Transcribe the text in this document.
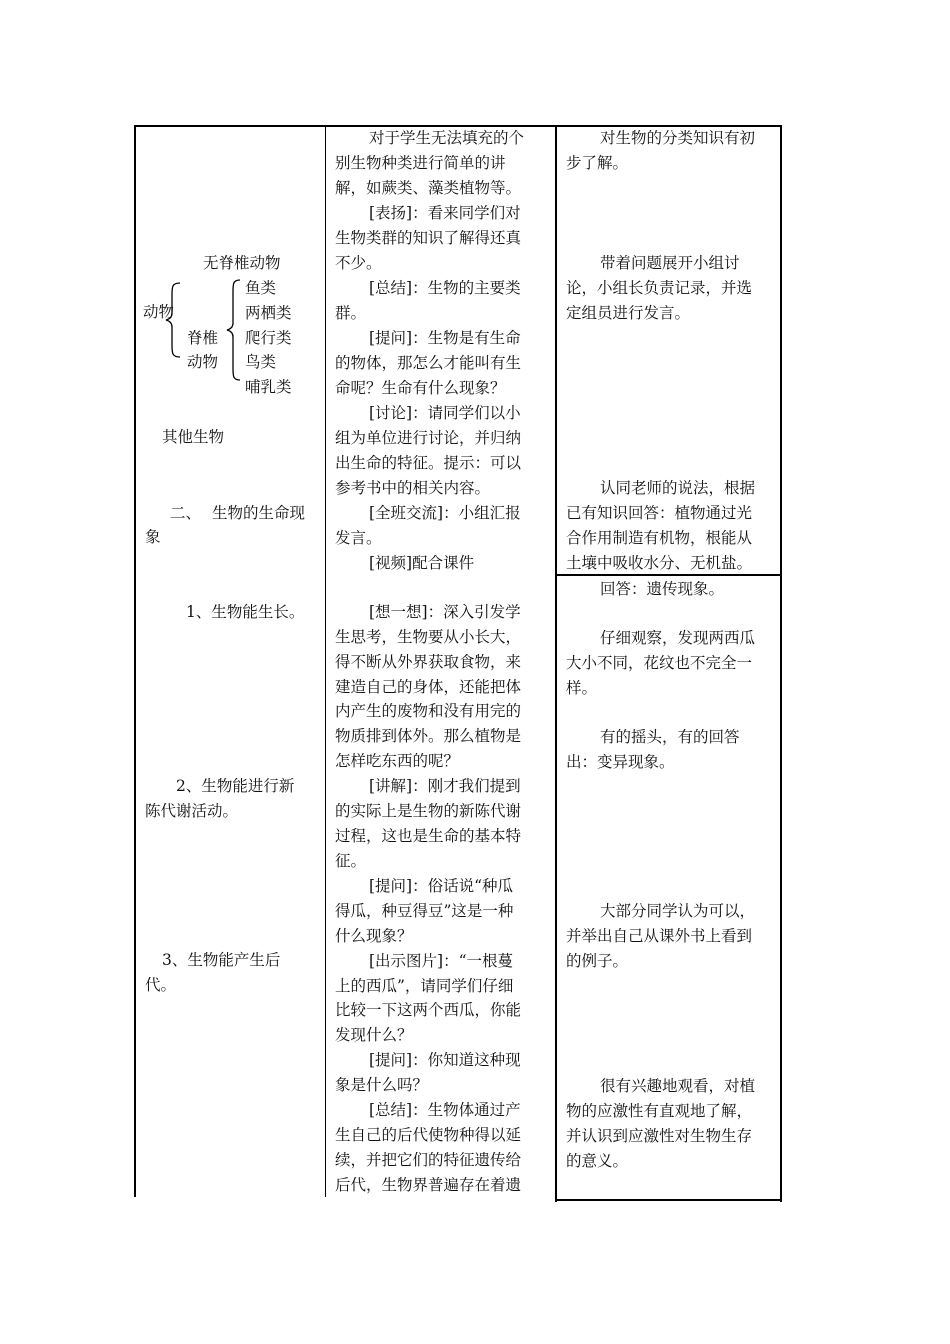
无脊椎动物
动物
脊椎
动物
鱼类
两栖类
爬行类
鸟类
哺乳类
其他生物
二、 生物的生命现
象
1、生物能生长。
2、生物能进行新
陈代谢活动。
3、生物能产生后
代。
对于学生无法填充的个
别生物种类进行简单的讲
解，如蕨类、藻类植物等。
[表扬]：看来同学们对
生物类群的知识了解得还真
不少。
[总结]：生物的主要类
群。
[提问]：生物是有生命
的物体，那怎么才能叫有生
命呢？生命有什么现象？
[讨论]：请同学们以小
组为单位进行讨论，并归纳
出生命的特征。提示：可以
参考书中的相关内容。
[全班交流]：小组汇报
发言。
[视频]配合课件
[想一想]：深入引发学
生思考，生物要从小长大，
得不断从外界获取食物，来
建造自己的身体，还能把体
内产生的废物和没有用完的
物质排到体外。那么植物是
怎样吃东西的呢？
[讲解]：刚才我们提到
的实际上是生物的新陈代谢
过程，这也是生命的基本特
征。
[提问]：俗话说“种瓜
得瓜，种豆得豆”这是一种
什么现象？
[出示图片]：“一根蔓
上的西瓜”，请同学们仔细
比较一下这两个西瓜，你能
发现什么？
[提问]：你知道这种现
象是什么吗？
[总结]：生物体通过产
生自己的后代使物种得以延
续，并把它们的特征遗传给
后代，生物界普遍存在着遗
对生物的分类知识有初
步了解。
带着问题展开小组讨
论，小组长负责记录，并选
定组员进行发言。
认同老师的说法，根据
已有知识回答：植物通过光
合作用制造有机物，根能从
土壤中吸收水分、无机盐。
回答：遗传现象。
仔细观察，发现两西瓜
大小不同，花纹也不完全一
样。
有的摇头，有的回答
出：变异现象。
大部分同学认为可以，
并举出自己从课外书上看到
的例子。
很有兴趣地观看，对植
物的应激性有直观地了解，
并认识到应激性对生物生存
的意义。
